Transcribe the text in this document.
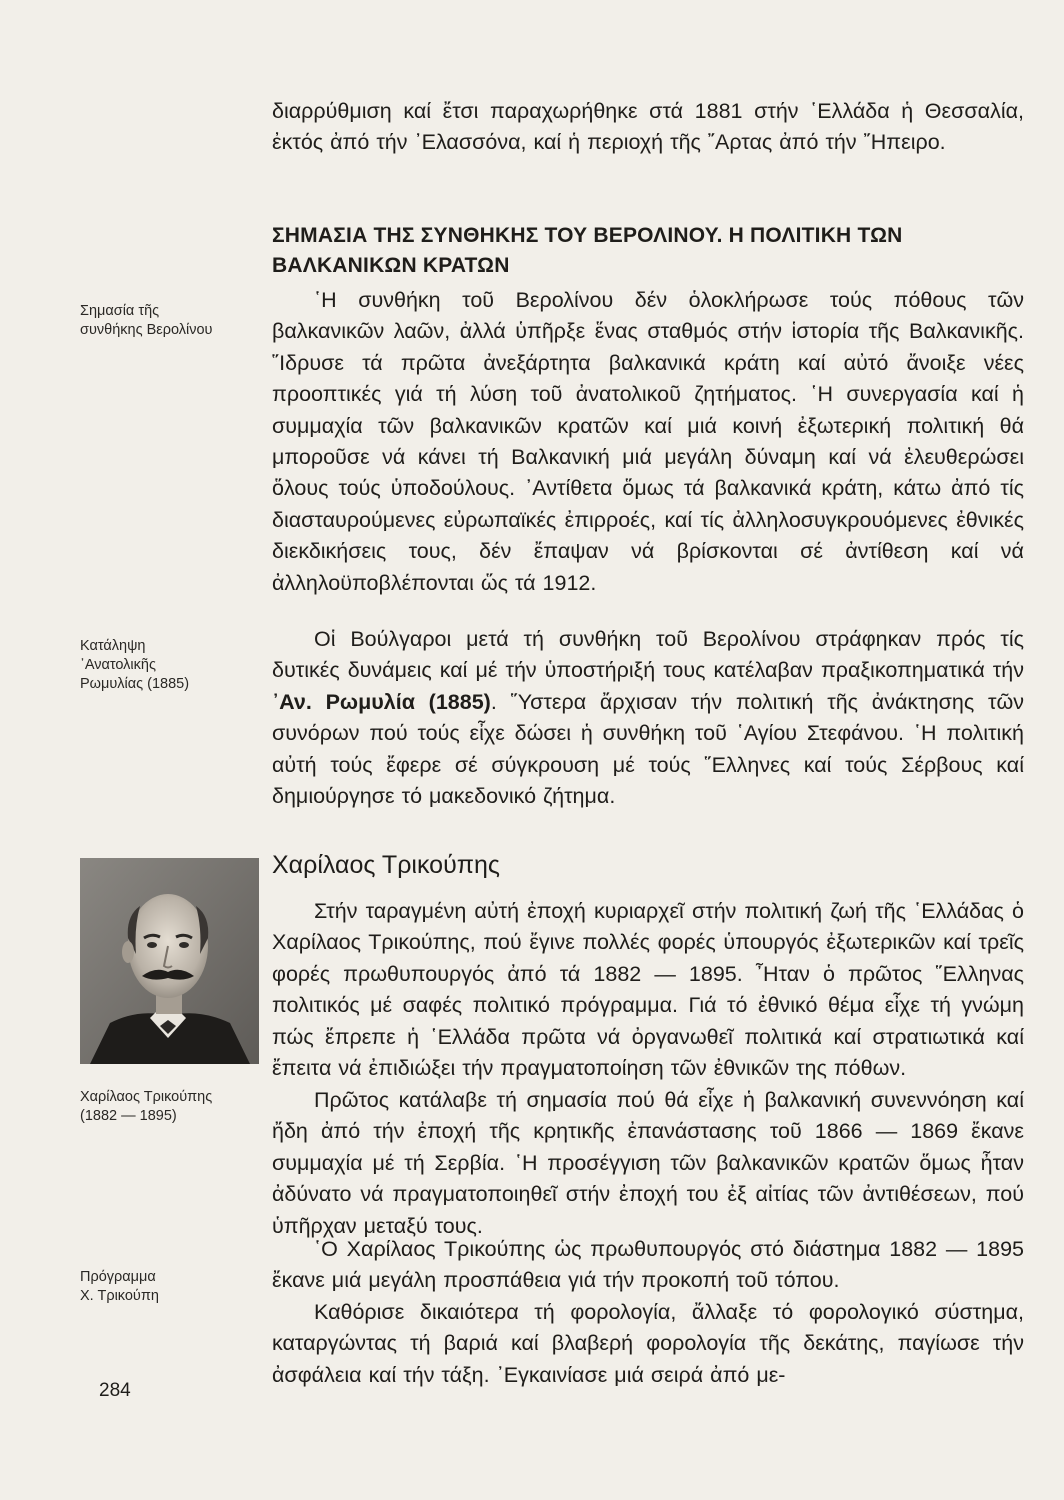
διαρρύθμιση καί ἔτσι παραχωρήθηκε στά 1881 στήν ῾Ελλάδα ἡ Θεσσαλία, ἐκτός ἀπό τήν ᾿Ελασσόνα, καί ἡ περιοχή τῆς ῎Αρτας ἀπό τήν ῎Ηπειρο.

ΣΗΜΑΣΙΑ ΤΗΣ ΣΥΝΘΗΚΗΣ ΤΟΥ ΒΕΡΟΛΙΝΟΥ. Η ΠΟΛΙΤΙΚΗ ΤΩΝ

ΒΑΛΚΑΝΙΚΩΝ ΚΡΑΤΩΝ

῾Η συνθήκη τοῦ Βερολίνου δέν ὁλοκλήρωσε τούς πόθους τῶν βαλκανικῶν λαῶν, ἀλλά ὑπῆρξε ἕνας σταθμός στήν ἱστορία τῆς Βαλκανικῆς. ῞Ιδρυσε τά πρῶτα ἀνεξάρτητα βαλκανικά κράτη καί αὐτό ἄνοιξε νέες προοπτικές γιά τή λύση τοῦ ἀνατολικοῦ ζητήματος. ῾Η συνεργασία καί ἡ συμμαχία τῶν βαλκανικῶν κρατῶν καί μιά κοινή ἐξωτερική πολιτική θά μποροῦσε νά κάνει τή Βαλκανική μιά μεγάλη δύναμη καί νά ἐλευθερώσει ὅλους τούς ὑποδούλους. ᾿Αντίθετα ὅμως τά βαλκανικά κράτη, κάτω ἀπό τίς διασταυρούμενες εὐρωπαϊκές ἐπιρροές, καί τίς ἀλληλοσυγκρουόμενες ἐθνικές διεκδικήσεις τους, δέν ἔπαψαν νά βρίσκονται σέ ἀντίθεση καί νά ἀλληλοϋποβλέπονται ὥς τά 1912.

Οἱ Βούλγαροι μετά τή συνθήκη τοῦ Βερολίνου στράφηκαν πρός τίς δυτικές δυνάμεις καί μέ τήν ὑποστήριξή τους κατέλαβαν πραξικοπηματικά τήν ᾿Αν. Ρωμυλία (1885). ῞Υστερα ἄρχισαν τήν πολιτική τῆς ἀνάκτησης τῶν συνόρων πού τούς εἶχε δώσει ἡ συνθήκη τοῦ ῾Αγίου Στεφάνου. ῾Η πολιτική αὐτή τούς ἔφερε σέ σύγκρουση μέ τούς ῞Ελληνες καί τούς Σέρβους καί δημιούργησε τό μακεδονικό ζήτημα.

Χαρίλαος Τρικούπης

Στήν ταραγμένη αὐτή ἐποχή κυριαρχεῖ στήν πολιτική ζωή τῆς ῾Ελλάδας ὁ Χαρίλαος Τρικούπης, πού ἔγινε πολλές φορές ὑπουργός ἐξωτερικῶν καί τρεῖς φορές πρωθυπουργός ἀπό τά 1882 — 1895. ῏Ηταν ὁ πρῶτος ῞Ελληνας πολιτικός μέ σαφές πολιτικό πρόγραμμα. Γιά τό ἐθνικό θέμα εἶχε τή γνώμη πώς ἔπρεπε ἡ ῾Ελλάδα πρῶτα νά ὀργανωθεῖ πολιτικά καί στρατιωτικά καί ἔπειτα νά ἐπιδιώξει τήν πραγματοποίηση τῶν ἐθνικῶν της πόθων.

Πρῶτος κατάλαβε τή σημασία πού θά εἶχε ἡ βαλκανική συνεννόηση καί ἤδη ἀπό τήν ἐποχή τῆς κρητικῆς ἐπανάστασης τοῦ 1866 — 1869 ἔκανε συμμαχία μέ τή Σερβία. ῾Η προσέγγιση τῶν βαλκανικῶν κρατῶν ὅμως ἦταν ἀδύνατο νά πραγματοποιηθεῖ στήν ἐποχή του ἐξ αἰτίας τῶν ἀντιθέσεων, πού ὑπῆρχαν μεταξύ τους.

῾Ο Χαρίλαος Τρικούπης ὡς πρωθυπουργός στό διάστημα 1882 — 1895 ἔκανε μιά μεγάλη προσπάθεια γιά τήν προκοπή τοῦ τόπου.

Καθόρισε δικαιότερα τή φορολογία, ἄλλαξε τό φορολογικό σύστημα, καταργώντας τή βαριά καί βλαβερή φορολογία τῆς δεκάτης, παγίωσε τήν ἀσφάλεια καί τήν τάξη. ᾿Εγκαινίασε μιά σειρά ἀπό με-

Σημασία τῆς
συνθήκης Βερολίνου
Κατάληψη
᾿Ανατολικῆς
Ρωμυλίας (1885)
Χαρίλαος Τρικούπης
(1882 — 1895)
Πρόγραμμα
Χ. Τρικούπη
284
